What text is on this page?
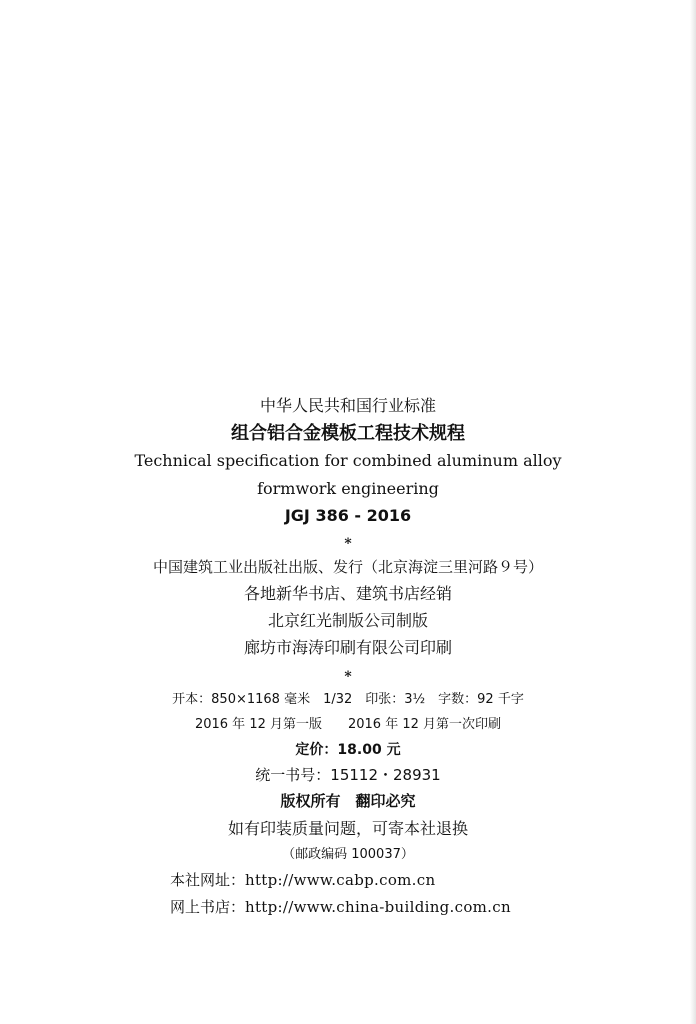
中华人民共和国行业标准
组合铝合金模板工程技术规程
Technical specification for combined aluminum alloy
formwork engineering
JGJ 386 - 2016
*
中国建筑工业出版社出版、发行（北京海淀三里河路９号）
各地新华书店、建筑书店经销
北京红光制版公司制版
廊坊市海涛印刷有限公司印刷
*
开本：850×1168 毫米　1/32　印张：3½　字数：92 千字
2016 年 12 月第一版　　2016 年 12 月第一次印刷
定价：18.00 元
统一书号：15112・28931
版权所有　翻印必究
如有印装质量问题，可寄本社退换
（邮政编码 100037）
本社网址：http://www.cabp.com.cn
网上书店：http://www.china-building.com.cn
